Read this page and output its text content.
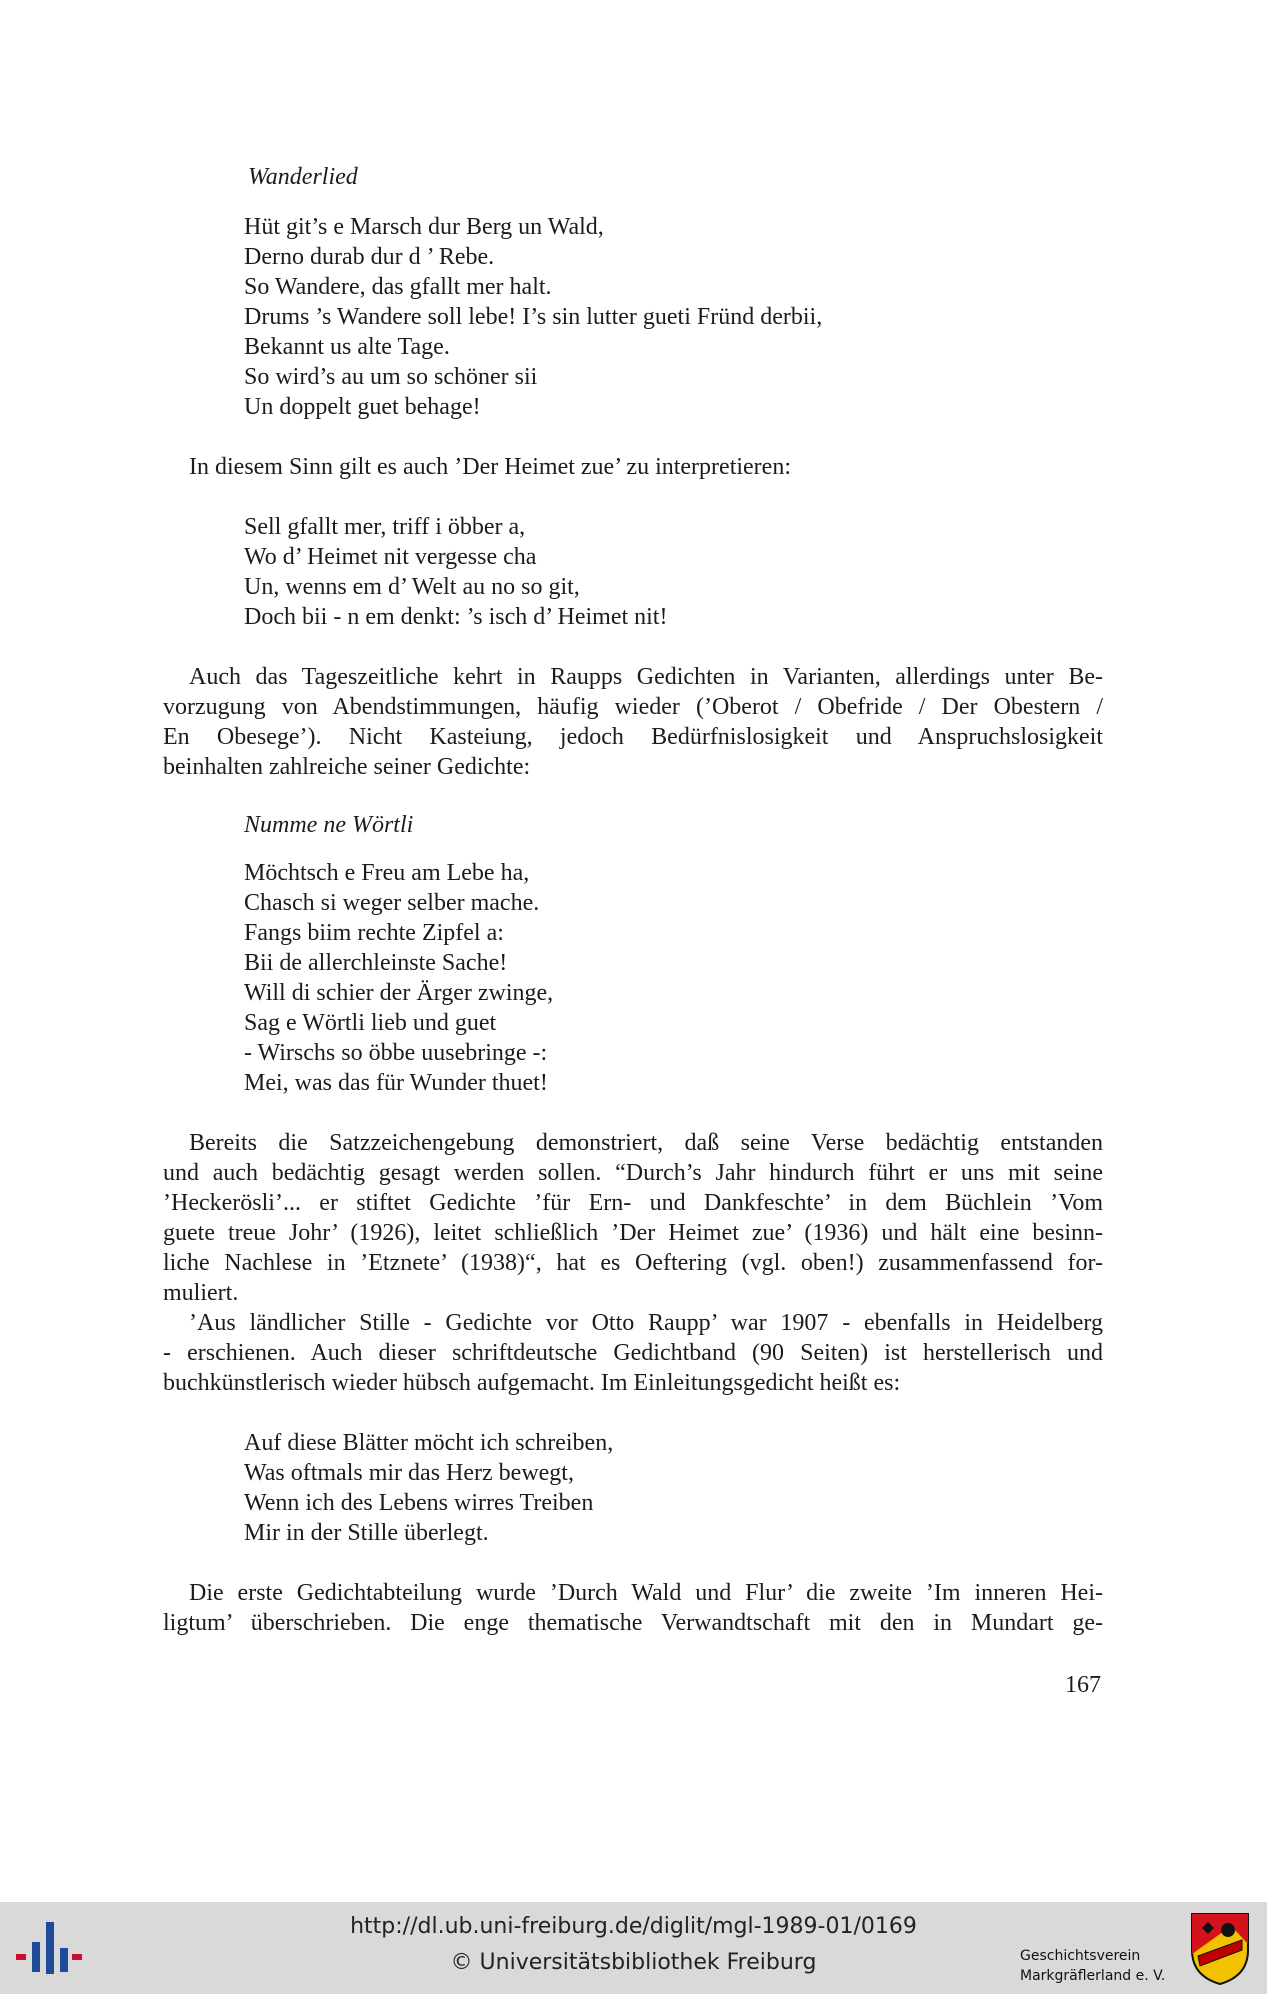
Wanderlied
Hüt git’s e Marsch dur Berg un Wald,
Derno durab dur d ’ Rebe.
So Wandere, das gfallt mer halt.
Drums ’s Wandere soll lebe! I’s sin lutter gueti Fründ derbii,
Bekannt us alte Tage.
So wird’s au um so schöner sii
Un doppelt guet behage!
In diesem Sinn gilt es auch ’Der Heimet zue’ zu interpretieren:
Sell gfallt mer, triff i öbber a,
Wo d’ Heimet nit vergesse cha
Un, wenns em d’ Welt au no so git,
Doch bii - n em denkt: ’s isch d’ Heimet nit!
Auch das Tageszeitliche kehrt in Raupps Gedichten in Varianten, allerdings unter Be-
vorzugung von Abendstimmungen, häufig wieder (’Oberot / Obefride / Der Obestern /
En Obesege’). Nicht Kasteiung, jedoch Bedürfnislosigkeit und Anspruchslosigkeit
beinhalten zahlreiche seiner Gedichte:
Numme ne Wörtli
Möchtsch e Freu am Lebe ha,
Chasch si weger selber mache.
Fangs biim rechte Zipfel a:
Bii de allerchleinste Sache!
Will di schier der Ärger zwinge,
Sag e Wörtli lieb und guet
- Wirschs so öbbe uusebringe -:
Mei, was das für Wunder thuet!
Bereits die Satzzeichengebung demonstriert, daß seine Verse bedächtig entstanden
und auch bedächtig gesagt werden sollen. “Durch’s Jahr hindurch führt er uns mit seine
’Heckerösli’... er stiftet Gedichte ’für Ern- und Dankfeschte’ in dem Büchlein ’Vom
guete treue Johr’ (1926), leitet schließlich ’Der Heimet zue’ (1936) und hält eine besinn-
liche Nachlese in ’Etznete’ (1938)“, hat es Oeftering (vgl. oben!) zusammenfassend for-
muliert.
’Aus ländlicher Stille - Gedichte vor Otto Raupp’ war 1907 - ebenfalls in Heidelberg
- erschienen. Auch dieser schriftdeutsche Gedichtband (90 Seiten) ist herstellerisch und
buchkünstlerisch wieder hübsch aufgemacht. Im Einleitungsgedicht heißt es:
Auf diese Blätter möcht ich schreiben,
Was oftmals mir das Herz bewegt,
Wenn ich des Lebens wirres Treiben
Mir in der Stille überlegt.
Die erste Gedichtabteilung wurde ’Durch Wald und Flur’ die zweite ’Im inneren Hei-
ligtum’ überschrieben. Die enge thematische Verwandtschaft mit den in Mundart ge-
167
http://dl.ub.uni-freiburg.de/diglit/mgl-1989-01/0169
© Universitätsbibliothek Freiburg	Geschichtsverein
Markgräflerland e. V.
